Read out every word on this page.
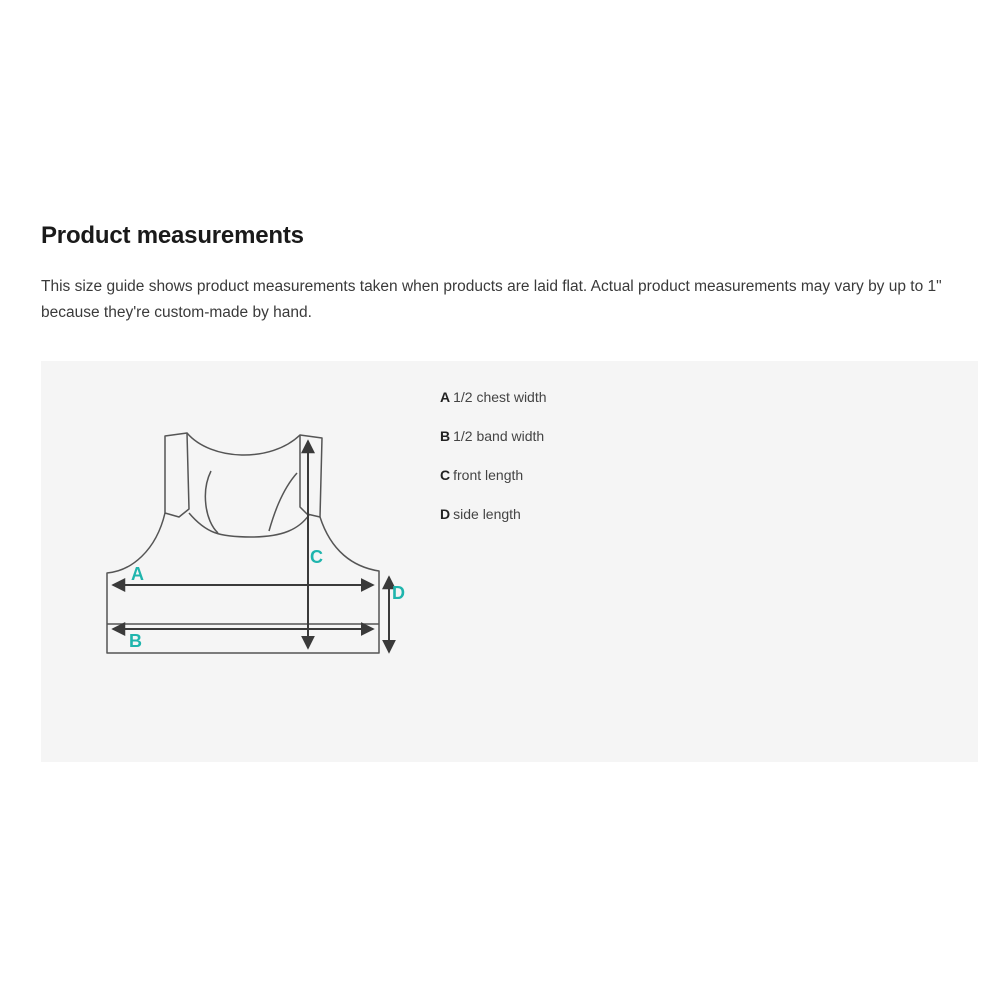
Product measurements

This size guide shows product measurements taken when products are laid flat. Actual product measurements may vary by up to 1" because they're custom-made by hand.

A
B
C
D
A 1/2 chest width
B 1/2 band width
C front length
D side length
